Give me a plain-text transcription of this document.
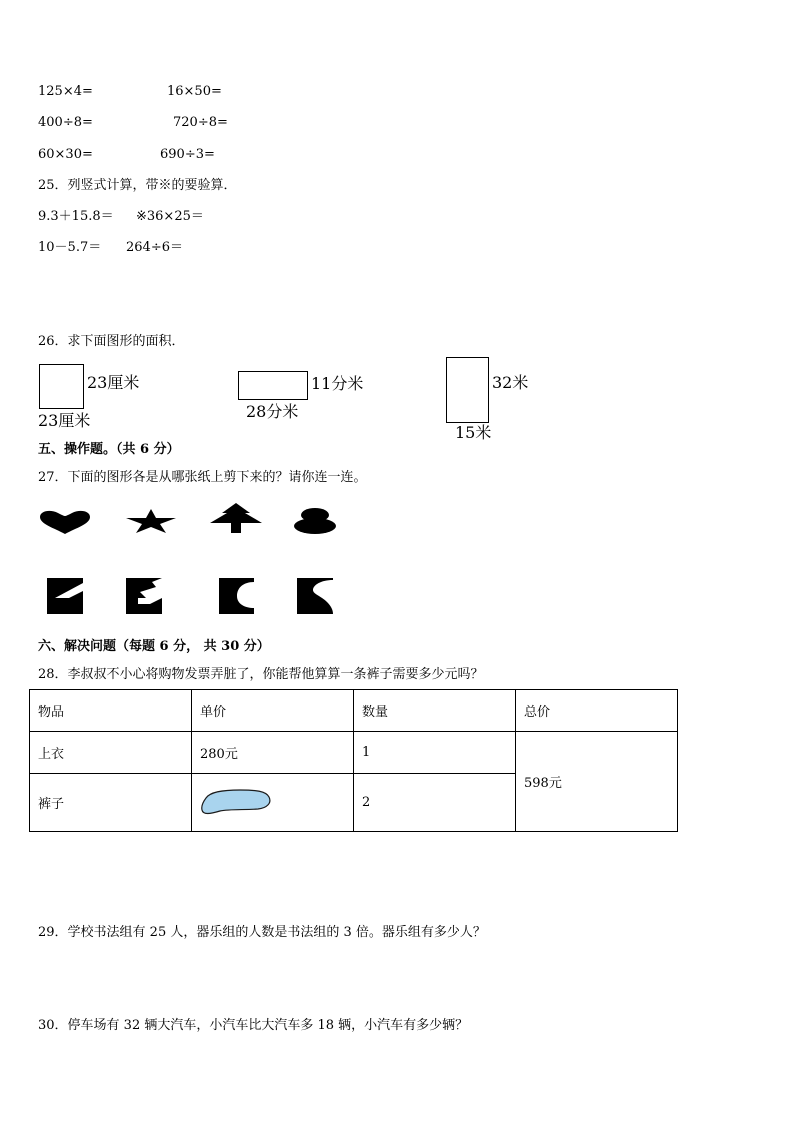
125×4=	16×50=
400÷8=	720÷8=
60×30=	690÷3=
25．列竖式计算，带※的要验算．
9.3＋15.8＝ ※36×25＝
10－5.7＝ 264÷6＝
26．求下面图形的面积．
23厘米
23厘米
11分米
28分米
32米
15米
五、操作题。（共 6 分）
27．下面的图形各是从哪张纸上剪下来的？请你连一连。
六、解决问题（每题 6 分， 共 30 分）
28．李叔叔不小心将购物发票弄脏了，你能帮他算算一条裤子需要多少元吗？
物品	单价	数量	总价
上衣	280元	1	598元
裤子		2	
29．学校书法组有 25 人，器乐组的人数是书法组的 3 倍。器乐组有多少人？
30．停车场有 32 辆大汽车，小汽车比大汽车多 18 辆，小汽车有多少辆？
